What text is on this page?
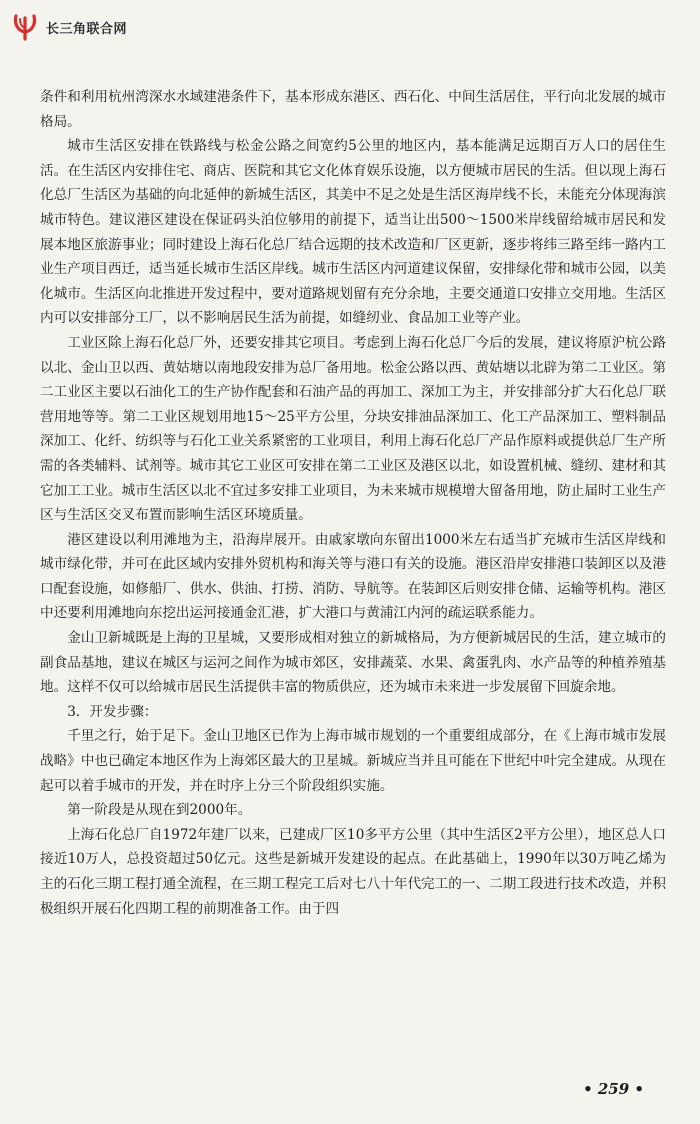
长三角联合网

条件和利用杭州湾深水水域建港条件下，基本形成东港区、西石化、中间生活居住，平行向北发展的城市格局。

城市生活区安排在铁路线与松金公路之间宽约5公里的地区内，基本能满足远期百万人口的居住生活。在生活区内安排住宅、商店、医院和其它文化体育娱乐设施，以方便城市居民的生活。但以现上海石化总厂生活区为基础的向北延伸的新城生活区，其美中不足之处是生活区海岸线不长，未能充分体现海滨城市特色。建议港区建设在保证码头泊位够用的前提下，适当让出500～1500米岸线留给城市居民和发展本地区旅游事业；同时建设上海石化总厂结合远期的技术改造和厂区更新，逐步将纬三路至纬一路内工业生产项目西迁，适当延长城市生活区岸线。城市生活区内河道建议保留，安排绿化带和城市公园，以美化城市。生活区向北推进开发过程中，要对道路规划留有充分余地，主要交通道口安排立交用地。生活区内可以安排部分工厂，以不影响居民生活为前提，如缝纫业、食品加工业等产业。

工业区除上海石化总厂外，还要安排其它项目。考虑到上海石化总厂今后的发展，建议将原沪杭公路以北、金山卫以西、黄姑塘以南地段安排为总厂备用地。松金公路以西、黄姑塘以北辟为第二工业区。第二工业区主要以石油化工的生产协作配套和石油产品的再加工、深加工为主，并安排部分扩大石化总厂联营用地等等。第二工业区规划用地15～25平方公里，分块安排油品深加工、化工产品深加工、塑料制品深加工、化纤、纺织等与石化工业关系紧密的工业项目，利用上海石化总厂产品作原料或提供总厂生产所需的各类辅料、试剂等。城市其它工业区可安排在第二工业区及港区以北，如设置机械、缝纫、建材和其它加工工业。城市生活区以北不宜过多安排工业项目，为未来城市规模增大留备用地，防止届时工业生产区与生活区交叉布置而影响生活区环境质量。

港区建设以利用滩地为主，沿海岸展开。由戚家墩向东留出1000米左右适当扩充城市生活区岸线和城市绿化带，并可在此区域内安排外贸机构和海关等与港口有关的设施。港区沿岸安排港口装卸区以及港口配套设施，如修船厂、供水、供油、打捞、消防、导航等。在装卸区后则安排仓储、运输等机构。港区中还要利用滩地向东挖出运河接通金汇港，扩大港口与黄浦江内河的疏运联系能力。

金山卫新城既是上海的卫星城，又要形成相对独立的新城格局，为方便新城居民的生活，建立城市的副食品基地，建议在城区与运河之间作为城市郊区，安排蔬菜、水果、禽蛋乳肉、水产品等的种植养殖基地。这样不仅可以给城市居民生活提供丰富的物质供应，还为城市未来进一步发展留下回旋余地。

3．开发步骤：

千里之行，始于足下。金山卫地区已作为上海市城市规划的一个重要组成部分，在《上海市城市发展战略》中也已确定本地区作为上海郊区最大的卫星城。新城应当并且可能在下世纪中叶完全建成。从现在起可以着手城市的开发，并在时序上分三个阶段组织实施。

第一阶段是从现在到2000年。

上海石化总厂自1972年建厂以来，已建成厂区10多平方公里（其中生活区2平方公里），地区总人口接近10万人，总投资超过50亿元。这些是新城开发建设的起点。在此基础上，1990年以30万吨乙烯为主的石化三期工程打通全流程，在三期工程完工后对七八十年代完工的一、二期工段进行技术改造，并积极组织开展石化四期工程的前期准备工作。由于四

• 259 •
